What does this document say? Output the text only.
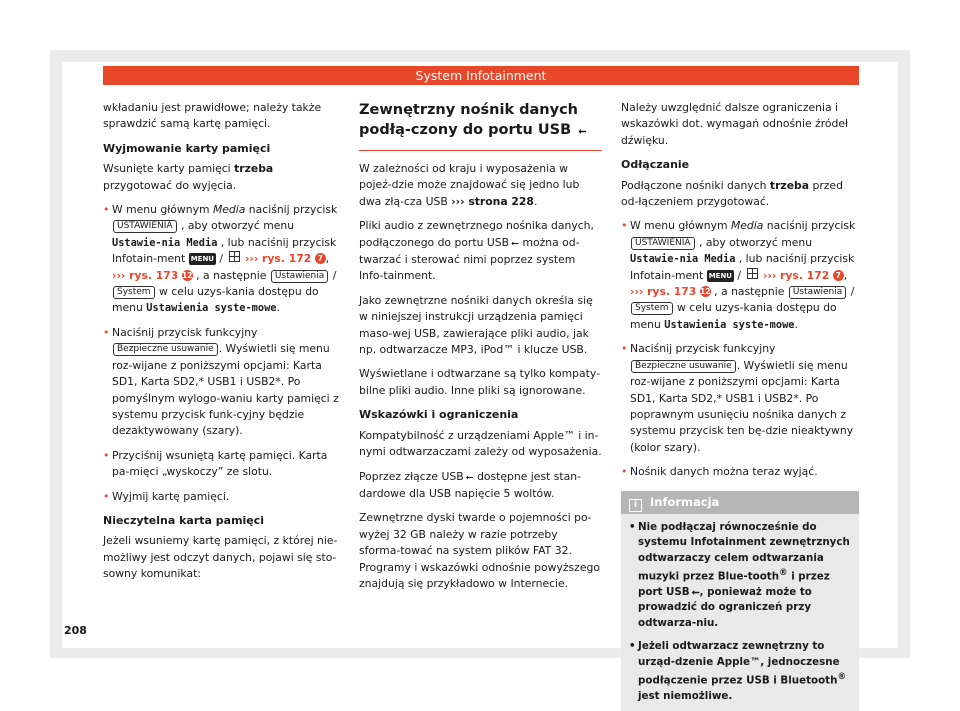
System Infotainment

wkładaniu jest prawidłowe; należy także sprawdzić samą kartę pamięci.

Wyjmowanie karty pamięci

Wsunięte karty pamięci trzeba przygotować do wyjęcia.

• W menu głównym Media naciśnij przycisk USTAWIENIA , aby otworzyć menu Ustawie‐nia Media , lub naciśnij przycisk Infotain‐ment MENU /  ››› rys. 172 7 , ››› rys. 173 12 , a następnie Ustawienia / System w celu uzys‐kania dostępu do menu Ustawienia syste‐mowe.
• Naciśnij przycisk funkcyjny Bezpieczne usuwanie . Wyświetli się menu roz‐wijane z poniższymi opcjami: Karta SD1, Karta SD2,* USB1 i USB2*. Po pomyślnym wylogo‐waniu karty pamięci z systemu przycisk funk‐cyjny będzie dezaktywowany (szary).
• Przyciśnij wsuniętą kartę pamięci. Karta pa‐mięci „wyskoczy” ze slotu.
• Wyjmij kartę pamięci.
Nieczytelna karta pamięci

Jeżeli wsuniemy kartę pamięci, z której nie‐możliwy jest odczyt danych, pojawi się sto‐sowny komunikat:

Zewnętrzny nośnik danych podłą‐czony do portu USB ⭠

W zależności od kraju i wyposażenia w pojeź‐dzie może znajdować się jedno lub dwa złą‐cza USB ››› strona 228.

Pliki audio z zewnętrznego nośnika danych, podłączonego do portu USB ⭠ można od‐twarzać i sterować nimi poprzez system Info‐tainment.

Jako zewnętrzne nośniki danych określa się w niniejszej instrukcji urządzenia pamięci maso‐wej USB, zawierające pliki audio, jak np. odtwarzacze MP3, iPod™ i klucze USB.

Wyświetlane i odtwarzane są tylko kompaty‐bilne pliki audio. Inne pliki są ignorowane.

Wskazówki i ograniczenia

Kompatybilność z urządzeniami Apple™ i in‐nymi odtwarzaczami zależy od wyposażenia.

Poprzez złącze USB ⭠ dostępne jest stan‐dardowe dla USB napięcie 5 woltów.

Zewnętrzne dyski twarde o pojemności po‐wyżej 32 GB należy w razie potrzeby sforma‐tować na system plików FAT 32. Programy i wskazówki odnośnie powyższego znajdują się przykładowo w Internecie.

Należy uwzględnić dalsze ograniczenia i wskazówki dot. wymagań odnośnie źródeł dźwięku.

Odłączanie

Podłączone nośniki danych trzeba przed od‐łączeniem przygotować.

• W menu głównym Media naciśnij przycisk USTAWIENIA , aby otworzyć menu Ustawie‐nia Media , lub naciśnij przycisk Infotain‐ment MENU /  ››› rys. 172 7 , ››› rys. 173 12 , a następnie Ustawienia / System w celu uzys‐kania dostępu do menu Ustawienia syste‐mowe.
• Naciśnij przycisk funkcyjny Bezpieczne usuwanie . Wyświetli się menu roz‐wijane z poniższymi opcjami: Karta SD1, Karta SD2,* USB1 i USB2*. Po poprawnym usunięciu nośnika danych z systemu przycisk ten bę‐dzie nieaktywny (kolor szary).
• Nośnik danych można teraz wyjąć.
i Informacja
• Nie podłączaj równocześnie do systemu Infotainment zewnętrznych odtwarzaczy celem odtwarzania muzyki przez Blue‐tooth® i przez port USB ⭠, ponieważ może to prowadzić do ograniczeń przy odtwarza‐niu.
• Jeżeli odtwarzacz zewnętrzny to urząd‐dzenie Apple™, jednoczesne podłączenie przez USB i Bluetooth® jest niemożliwe.
208
